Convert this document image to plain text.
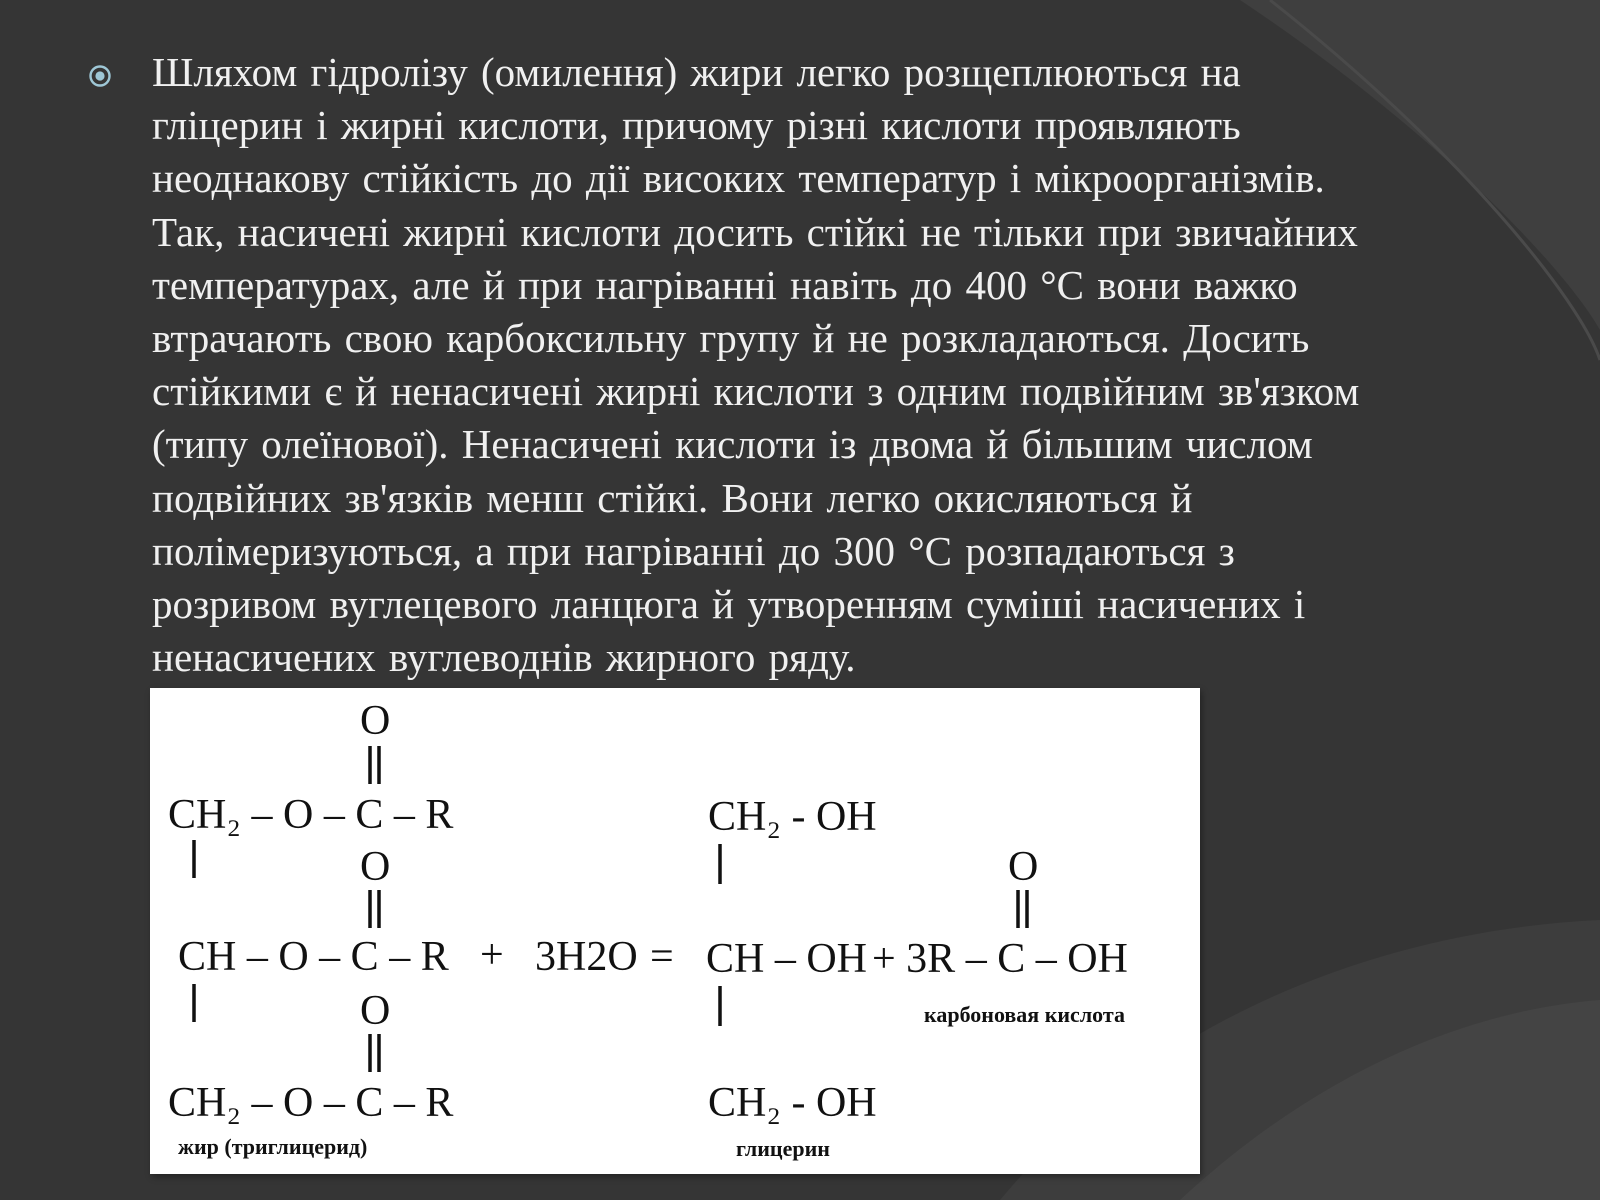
Шляхом гідролізу (омилення) жири легко розщеплюються на
гліцерин і жирні кислоти, причому різні кислоти проявляють
неоднакову стійкість до дії високих температур і мікроорганізмів.
Так, насичені жирні кислоти досить стійкі не тільки при звичайних
температурах, але й при нагріванні навіть до 400 °С вони важко
втрачають свою карбоксильну групу й не розкладаються. Досить
стійкими є й ненасичені жирні кислоти з одним подвійним зв'язком
(типу олеїнової). Ненасичені кислоти із двома й більшим числом
подвійних зв'язків менш стійкі. Вони легко окисляються й
полімеризуються, а при нагріванні до 300 °С розпадаються з
розривом вуглецевого ланцюга й утворенням суміші насичених і
ненасичених вуглеводнів жирного ряду.

O
CH₂ – O – C – R
O
CH – O – C – R
O
CH₂ – O – C – R
жир (триглицерид)
+ 3H2O =
CH₂ - OH
CH – OH
CH₂ - OH
глицерин
O
+ 3R – C – OH
карбоновая кислота
